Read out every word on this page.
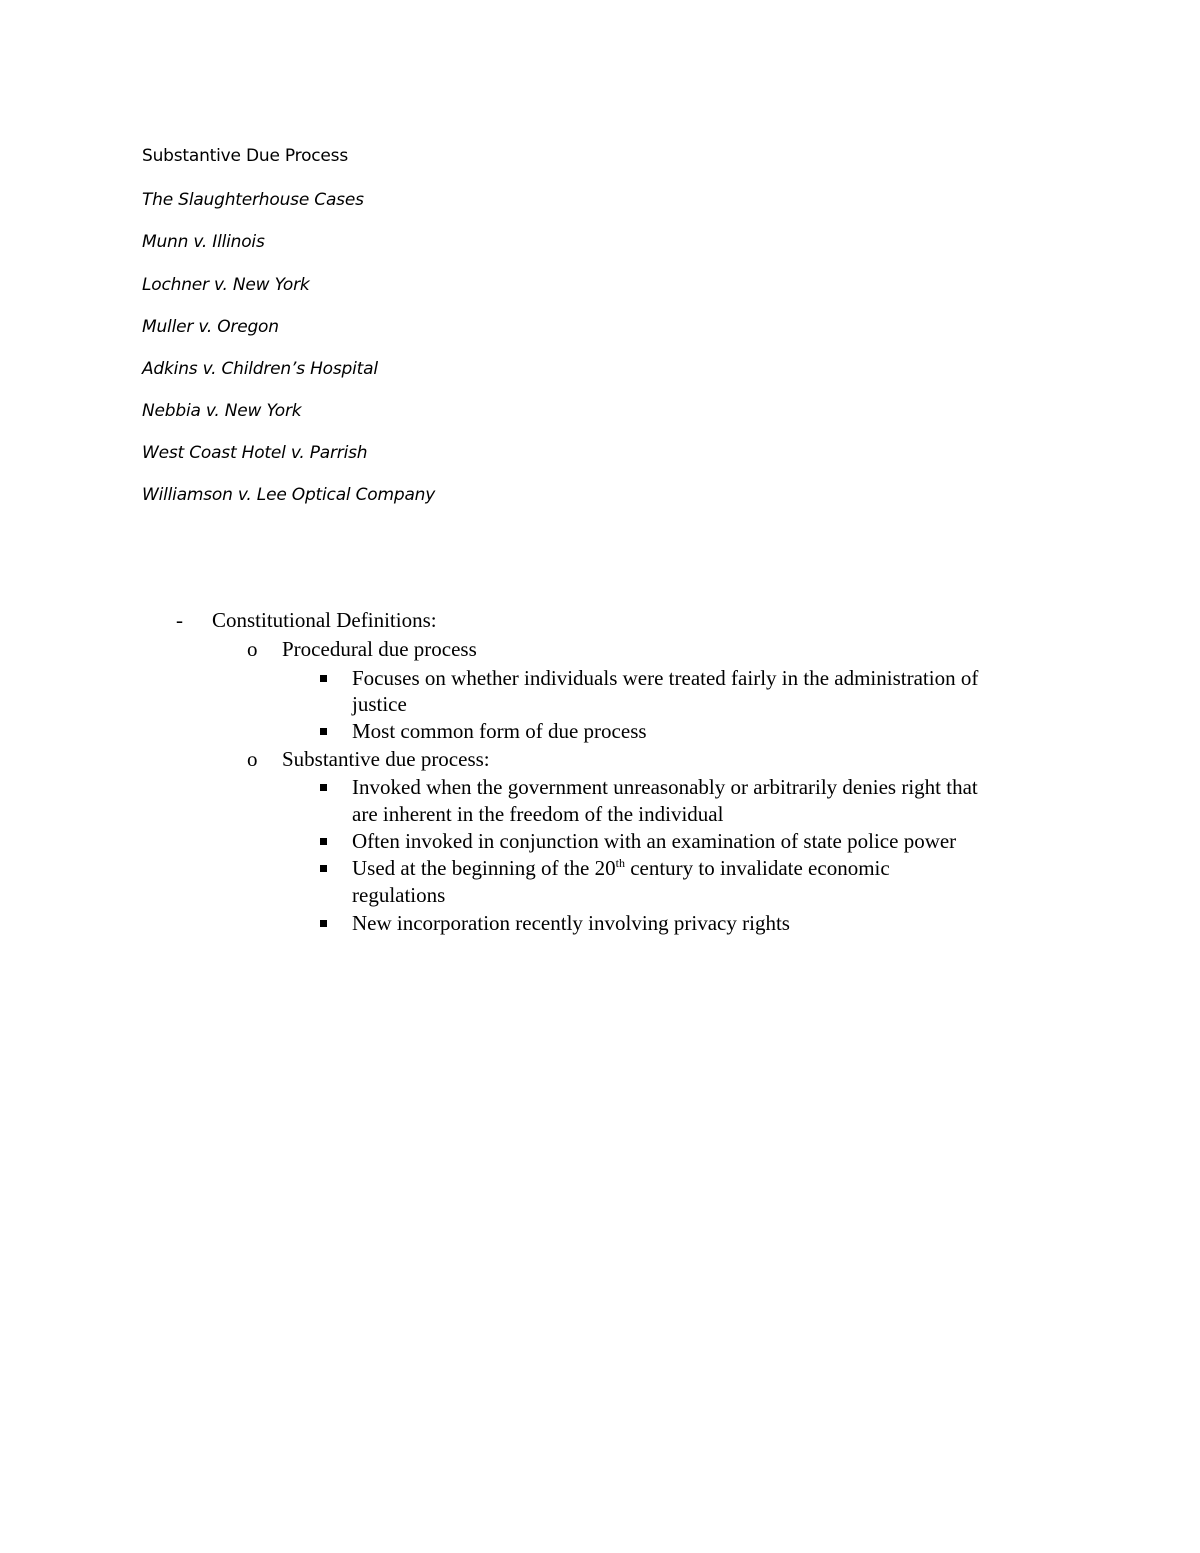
Substantive Due Process
The Slaughterhouse Cases
Munn v. Illinois
Lochner v. New York
Muller v. Oregon
Adkins v. Children’s Hospital
Nebbia v. New York
West Coast Hotel v. Parrish
Williamson v. Lee Optical Company
- Constitutional Definitions:
o Procedural due process
Focuses on whether individuals were treated fairly in the administration of
justice
Most common form of due process
o Substantive due process:
Invoked when the government unreasonably or arbitrarily denies right that
are inherent in the freedom of the individual
Often invoked in conjunction with an examination of state police power
Used at the beginning of the 20th century to invalidate economic
regulations
New incorporation recently involving privacy rights
